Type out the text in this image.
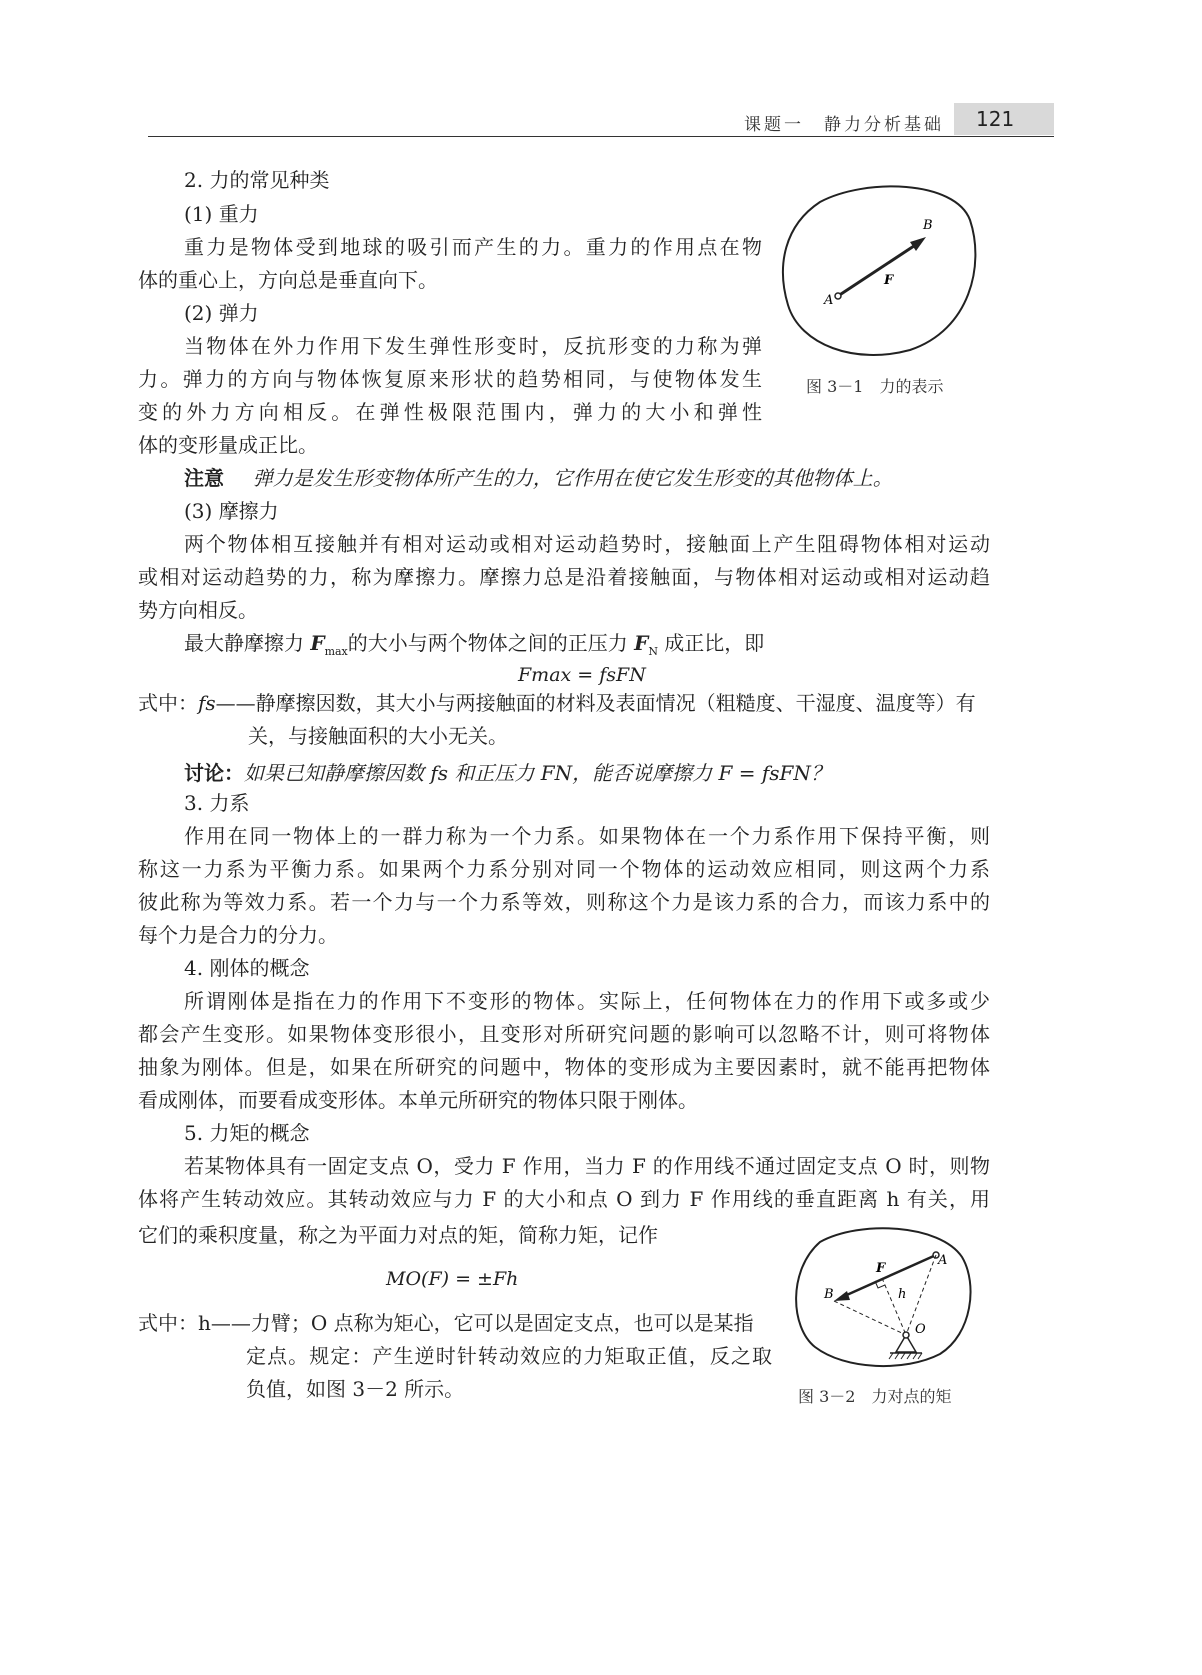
课题一　静力分析基础	121
2. 力的常见种类
(1) 重力
重力是物体受到地球的吸引而产生的力。重力的作用点在物
体的重心上，方向总是垂直向下。
(2) 弹力
当物体在外力作用下发生弹性形变时，反抗形变的力称为弹
力。弹力的方向与物体恢复原来形状的趋势相同，与使物体发生
变的外力方向相反。在弹性极限范围内，弹力的大小和弹性
体的变形量成正比。
注意 弹力是发生形变物体所产生的力，它作用在使它发生形变的其他物体上。
(3) 摩擦力
两个物体相互接触并有相对运动或相对运动趋势时，接触面上产生阻碍物体相对运动
或相对运动趋势的力，称为摩擦力。摩擦力总是沿着接触面，与物体相对运动或相对运动趋
势方向相反。
最大静摩擦力 $F_{max}$的大小与两个物体之间的正压力 $F_N$ 成正比，即
Fmax = fsFN
式中：fs——静摩擦因数，其大小与两接触面的材料及表面情况（粗糙度、干湿度、温度等）有
关，与接触面积的大小无关。
讨论：如果已知静摩擦因数 fs 和正压力 FN，能否说摩擦力 F = fsFN？
3. 力系
作用在同一物体上的一群力称为一个力系。如果物体在一个力系作用下保持平衡，则
称这一力系为平衡力系。如果两个力系分别对同一个物体的运动效应相同，则这两个力系
彼此称为等效力系。若一个力与一个力系等效，则称这个力是该力系的合力，而该力系中的
每个力是合力的分力。
4. 刚体的概念
所谓刚体是指在力的作用下不变形的物体。实际上，任何物体在力的作用下或多或少
都会产生变形。如果物体变形很小，且变形对所研究问题的影响可以忽略不计，则可将物体
抽象为刚体。但是，如果在所研究的问题中，物体的变形成为主要因素时，就不能再把物体
看成刚体，而要看成变形体。本单元所研究的物体只限于刚体。
5. 力矩的概念
若某物体具有一固定支点 O，受力 F 作用，当力 F 的作用线不通过固定支点 O 时，则物
体将产生转动效应。其转动效应与力 F 的大小和点 O 到力 F 作用线的垂直距离 h 有关，用
它们的乘积度量，称之为平面力对点的矩，简称力矩，记作
MO(F) = ±Fh
式中：h——力臂；O 点称为矩心，它可以是固定支点，也可以是某指
定点。规定：产生逆时针转动效应的力矩取正值，反之取
负值，如图 3－2 所示。
A
B
F
图 3－1　力的表示
A
B
F
h
O
图 3－2　力对点的矩
